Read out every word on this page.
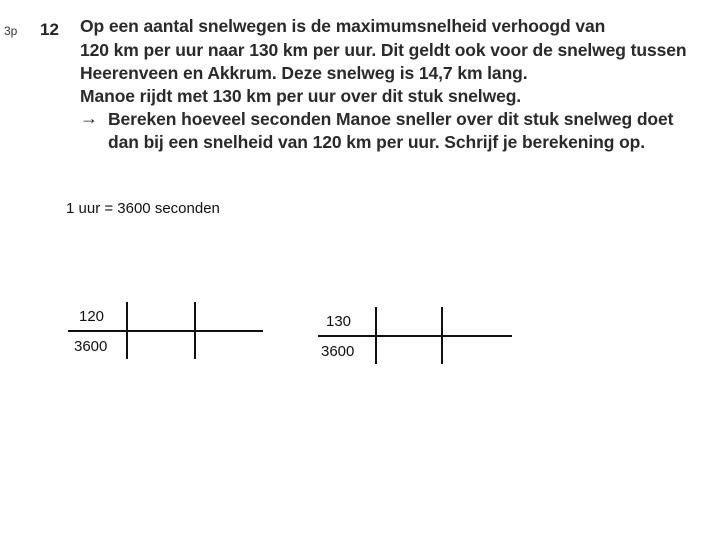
3p 12 Op een aantal snelwegen is de maximumsnelheid verhoogd van
120 km per uur naar 130 km per uur. Dit geldt ook voor de snelweg tussen
Heerenveen en Akkrum. Deze snelweg is 14,7 km lang.
Manoe rijdt met 130 km per uur over dit stuk snelweg.
→ Bereken hoeveel seconden Manoe sneller over dit stuk snelweg doet
dan bij een snelheid van 120 km per uur. Schrijf je berekening op.
1 uur = 3600 seconden
120
3600
130
3600
